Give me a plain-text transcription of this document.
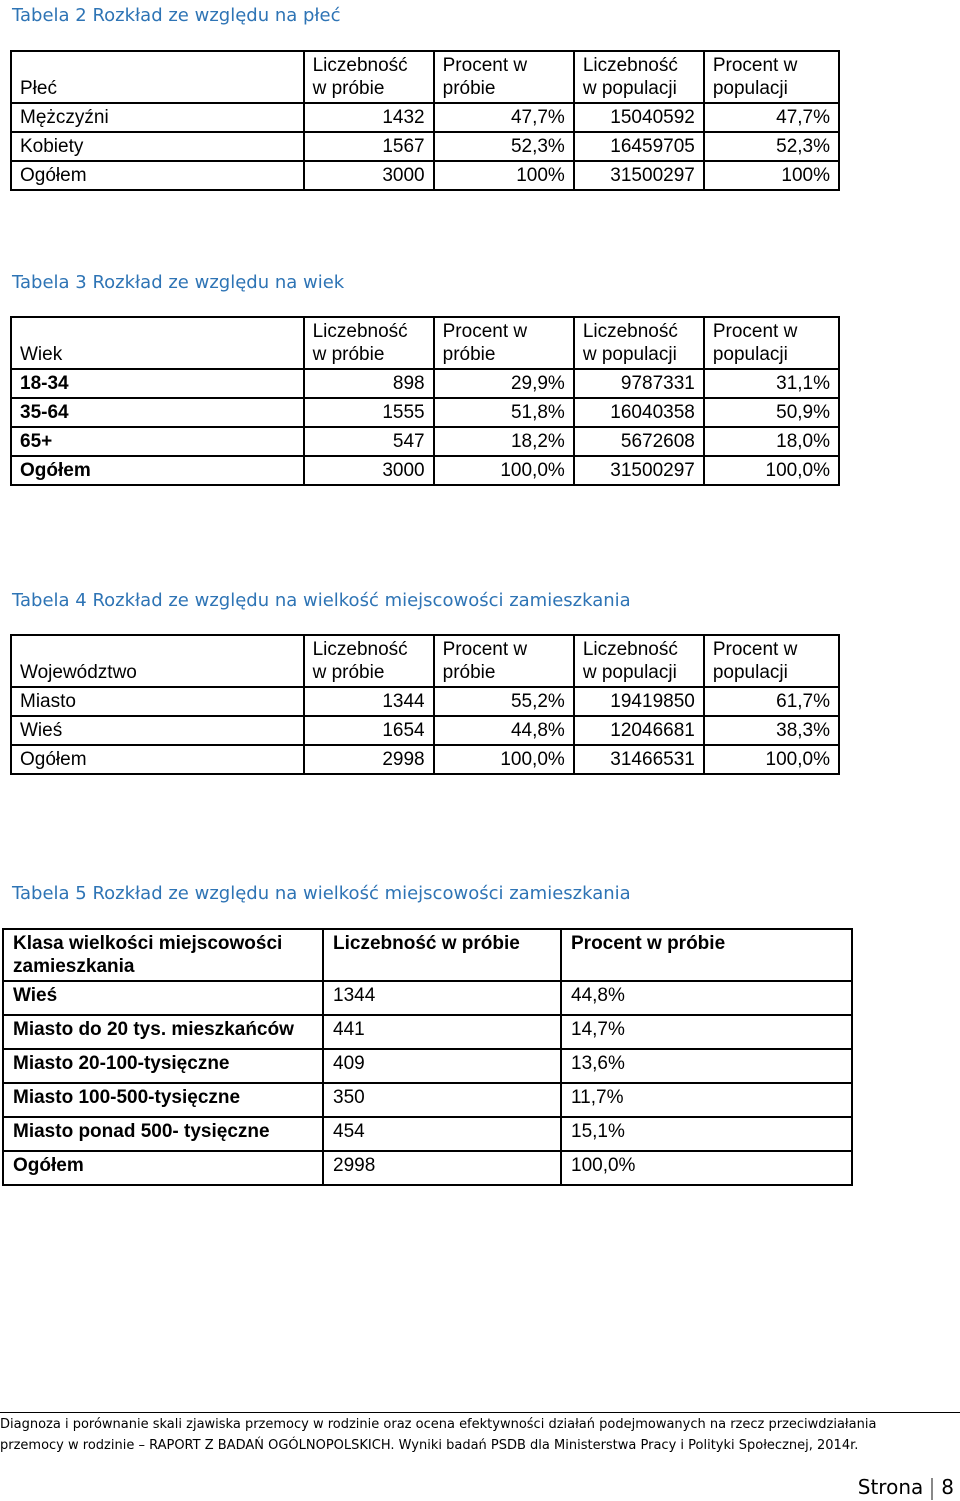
Tabela 2 Rozkład ze względu na płeć
Płeć	Liczebność w próbie	Procent w próbie	Liczebność w populacji	Procent w populacji
Mężczyźni	1432	47,7%	15040592	47,7%
Kobiety	1567	52,3%	16459705	52,3%
Ogółem	3000	100%	31500297	100%
Tabela 3 Rozkład ze względu na wiek
Wiek	Liczebność w próbie	Procent w próbie	Liczebność w populacji	Procent w populacji
18-34	898	29,9%	9787331	31,1%
35-64	1555	51,8%	16040358	50,9%
65+	547	18,2%	5672608	18,0%
Ogółem	3000	100,0%	31500297	100,0%
Tabela 4 Rozkład ze względu na wielkość miejscowości zamieszkania
Województwo	Liczebność w próbie	Procent w próbie	Liczebność w populacji	Procent w populacji
Miasto	1344	55,2%	19419850	61,7%
Wieś	1654	44,8%	12046681	38,3%
Ogółem	2998	100,0%	31466531	100,0%
Tabela 5 Rozkład ze względu na wielkość miejscowości zamieszkania
Klasa wielkości miejscowości zamieszkania	Liczebność w próbie	Procent w próbie
Wieś	1344	44,8%
Miasto do 20 tys. mieszkańców	441	14,7%
Miasto 20-100-tysięczne	409	13,6%
Miasto 100-500-tysięczne	350	11,7%
Miasto ponad 500- tysięczne	454	15,1%
Ogółem	2998	100,0%
Diagnoza i porównanie skali zjawiska przemocy w rodzinie oraz ocena efektywności działań podejmowanych na rzecz przeciwdziałania
przemocy w rodzinie – RAPORT Z BADAŃ OGÓLNOPOLSKICH. Wyniki badań PSDB dla Ministerstwa Pracy i Polityki Społecznej, 2014r.
Strona 8
